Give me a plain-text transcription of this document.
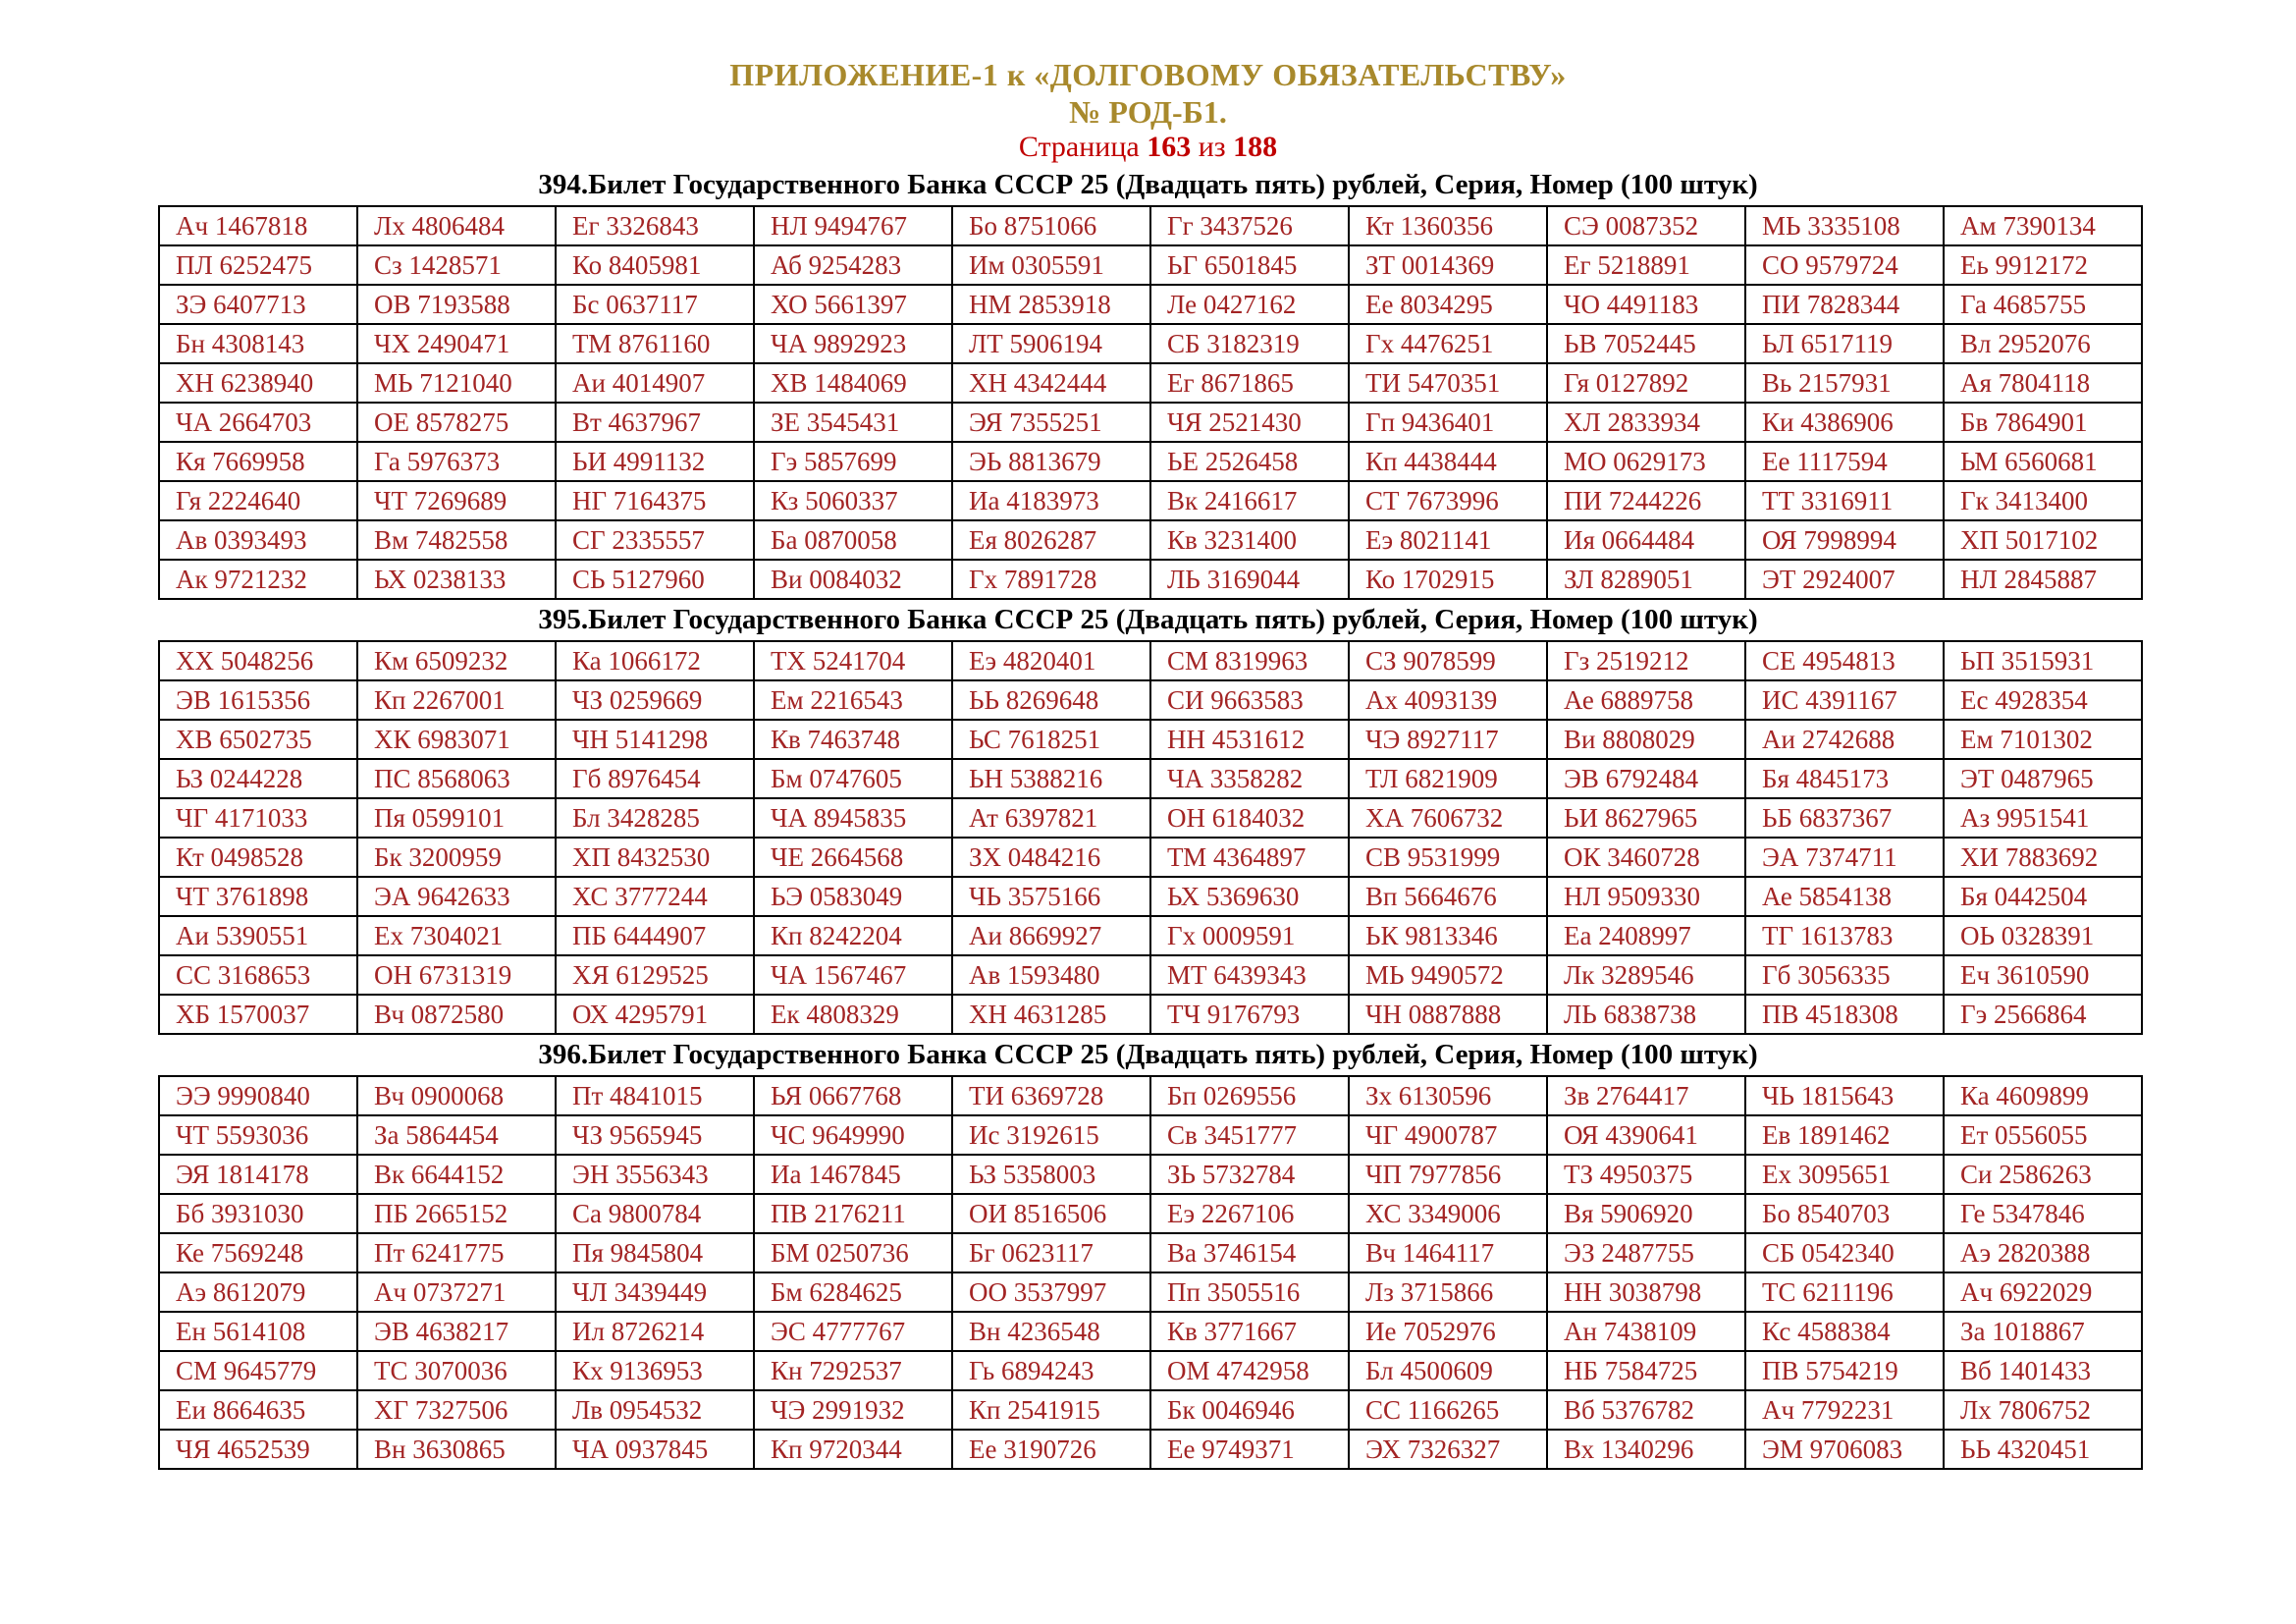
ПРИЛОЖЕНИЕ-1 к «ДОЛГОВОМУ ОБЯЗАТЕЛЬСТВУ»
№ РОД-Б1.
Страница 163 из 188
394.Билет Государственного Банка СССР 25 (Двадцать пять) рублей, Серия, Номер (100 штук)
Ач 1467818	Лх 4806484	Ег 3326843	НЛ 9494767	Бо 8751066	Гг 3437526	Кт 1360356	СЭ 0087352	МЬ 3335108	Ам 7390134
ПЛ 6252475	Сз 1428571	Ко 8405981	Аб 9254283	Им 0305591	ЬГ 6501845	ЗТ 0014369	Ег 5218891	СО 9579724	Еь 9912172
ЗЭ 6407713	ОВ 7193588	Бс 0637117	ХО 5661397	НМ 2853918	Ле 0427162	Ее 8034295	ЧО 4491183	ПИ 7828344	Га 4685755
Бн 4308143	ЧХ 2490471	ТМ 8761160	ЧА 9892923	ЛТ 5906194	СБ 3182319	Гх 4476251	ЬВ 7052445	ЬЛ 6517119	Вл 2952076
ХН 6238940	МЬ 7121040	Аи 4014907	ХВ 1484069	ХН 4342444	Ег 8671865	ТИ 5470351	Гя 0127892	Вь 2157931	Ая 7804118
ЧА 2664703	ОЕ 8578275	Вт 4637967	ЗЕ 3545431	ЭЯ 7355251	ЧЯ 2521430	Гп 9436401	ХЛ 2833934	Ки 4386906	Бв 7864901
Кя 7669958	Га 5976373	ЬИ 4991132	Гэ 5857699	ЭЬ 8813679	ЬЕ 2526458	Кп 4438444	МО 0629173	Ее 1117594	ЬМ 6560681
Гя 2224640	ЧТ 7269689	НГ 7164375	Кз 5060337	Иа 4183973	Вк 2416617	СТ 7673996	ПИ 7244226	ТТ 3316911	Гк 3413400
Ав 0393493	Вм 7482558	СГ 2335557	Ба 0870058	Ея 8026287	Кв 3231400	Еэ 8021141	Ия 0664484	ОЯ 7998994	ХП 5017102
Ак 9721232	ЬХ 0238133	СЬ 5127960	Ви 0084032	Гх 7891728	ЛЬ 3169044	Ко 1702915	ЗЛ 8289051	ЭТ 2924007	НЛ 2845887
395.Билет Государственного Банка СССР 25 (Двадцать пять) рублей, Серия, Номер (100 штук)
ХХ 5048256	Км 6509232	Ка 1066172	ТХ 5241704	Еэ 4820401	СМ 8319963	СЗ 9078599	Гз 2519212	СЕ 4954813	ЬП 3515931
ЭВ 1615356	Кп 2267001	ЧЗ 0259669	Ем 2216543	ЬЬ 8269648	СИ 9663583	Ах 4093139	Ае 6889758	ИС 4391167	Ес 4928354
ХВ 6502735	ХК 6983071	ЧН 5141298	Кв 7463748	ЬС 7618251	НН 4531612	ЧЭ 8927117	Ви 8808029	Аи 2742688	Ем 7101302
ЬЗ 0244228	ПС 8568063	Гб 8976454	Бм 0747605	ЬН 5388216	ЧА 3358282	ТЛ 6821909	ЭВ 6792484	Бя 4845173	ЭТ 0487965
ЧГ 4171033	Пя 0599101	Бл 3428285	ЧА 8945835	Ат 6397821	ОН 6184032	ХА 7606732	ЬИ 8627965	ЬБ 6837367	Аз 9951541
Кт 0498528	Бк 3200959	ХП 8432530	ЧЕ 2664568	ЗХ 0484216	ТМ 4364897	СВ 9531999	ОК 3460728	ЭА 7374711	ХИ 7883692
ЧТ 3761898	ЭА 9642633	ХС 3777244	ЬЭ 0583049	ЧЬ 3575166	ЬХ 5369630	Вп 5664676	НЛ 9509330	Ае 5854138	Бя 0442504
Аи 5390551	Ех 7304021	ПБ 6444907	Кп 8242204	Аи 8669927	Гх 0009591	ЬК 9813346	Еа 2408997	ТГ 1613783	ОЬ 0328391
СС 3168653	ОН 6731319	ХЯ 6129525	ЧА 1567467	Ав 1593480	МТ 6439343	МЬ 9490572	Лк 3289546	Гб 3056335	Еч 3610590
ХБ 1570037	Вч 0872580	ОХ 4295791	Ек 4808329	ХН 4631285	ТЧ 9176793	ЧН 0887888	ЛЬ 6838738	ПВ 4518308	Гэ 2566864
396.Билет Государственного Банка СССР 25 (Двадцать пять) рублей, Серия, Номер (100 штук)
ЭЭ 9990840	Вч 0900068	Пт 4841015	ЬЯ 0667768	ТИ 6369728	Бп 0269556	Зх 6130596	Зв 2764417	ЧЬ 1815643	Ка 4609899
ЧТ 5593036	За 5864454	ЧЗ 9565945	ЧС 9649990	Ис 3192615	Св 3451777	ЧГ 4900787	ОЯ 4390641	Ев 1891462	Ет 0556055
ЭЯ 1814178	Вк 6644152	ЭН 3556343	Иа 1467845	ЬЗ 5358003	ЗЬ 5732784	ЧП 7977856	ТЗ 4950375	Ех 3095651	Си 2586263
Бб 3931030	ПБ 2665152	Са 9800784	ПВ 2176211	ОИ 8516506	Еэ 2267106	ХС 3349006	Вя 5906920	Бо 8540703	Ге 5347846
Ке 7569248	Пт 6241775	Пя 9845804	БМ 0250736	Бг 0623117	Ва 3746154	Вч 1464117	ЭЗ 2487755	СБ 0542340	Аэ 2820388
Аэ 8612079	Ач 0737271	ЧЛ 3439449	Бм 6284625	ОО 3537997	Пп 3505516	Лз 3715866	НН 3038798	ТС 6211196	Ач 6922029
Ен 5614108	ЭВ 4638217	Ил 8726214	ЭС 4777767	Вн 4236548	Кв 3771667	Ие 7052976	Ан 7438109	Кс 4588384	За 1018867
СМ 9645779	ТС 3070036	Кх 9136953	Кн 7292537	Гь 6894243	ОМ 4742958	Бл 4500609	НБ 7584725	ПВ 5754219	Вб 1401433
Еи 8664635	ХГ 7327506	Лв 0954532	ЧЭ 2991932	Кп 2541915	Бк 0046946	СС 1166265	Вб 5376782	Ач 7792231	Лх 7806752
ЧЯ 4652539	Вн 3630865	ЧА 0937845	Кп 9720344	Ее 3190726	Ее 9749371	ЭХ 7326327	Вх 1340296	ЭМ 9706083	ЬЬ 4320451
